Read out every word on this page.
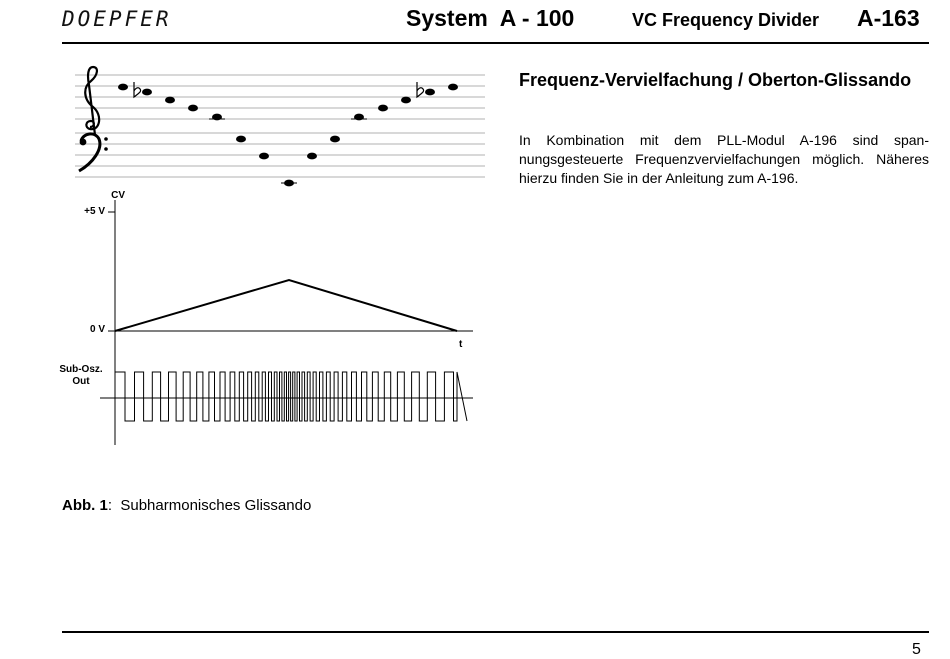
DOEPFER	System  A - 100	VC Frequency Divider A-163
CV
+5 V
0 V
t
Sub-Osz.
Out
Abb. 1:  Subharmonisches Glissando
Frequenz-Vervielfachung / Oberton-Glissando
In Kombination mit dem PLL-Modul A-196 sind spannungsgesteuerte Frequenzvervielfachungen möglich. Näheres hierzu finden Sie in der Anleitung zum A-196.
5
